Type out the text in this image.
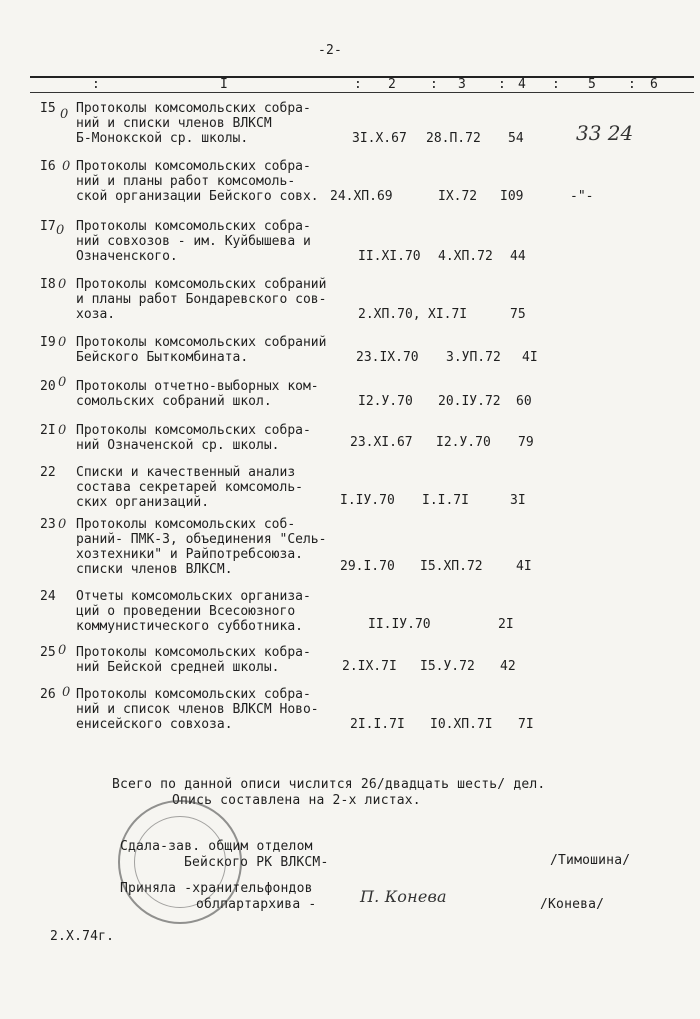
-2-
:	I	: 2	: 3 : 4 : 5 : 6
I5 0 Протоколы комсомольских собра-
ний и списки членов ВЛКСМ
Б-Монокской ср. школы.	3I.X.67 28.П.72 54	33 24
I6 0 Протоколы комсомольских собра-
ний и планы работ комсомоль-
ской организации Бейского совх. 24.ХП.69	IX.72 I09	-"-
I7 0 Протоколы комсомольских собра-
ний совхозов - им. Куйбышева и
Означенского.	II.XI.70 4.ХП.72 44
I8 0 Протоколы комсомольских собраний
и планы работ Бондаревского сов-
хоза.	2.ХП.70, XI.7I	75
I9 0 Протоколы комсомольских собраний
Бейского Быткомбината.	23.IX.70 3.УП.72 4I
20 0 Протоколы отчетно-выборных ком-
сомольских собраний школ.	I2.У.70 20.IУ.72 60
2I 0 Протоколы комсомольских собра-
ний Означенской ср. школы.	23.XI.67 I2.У.70 79
22 Списки и качественный анализ
состава секретарей комсомоль-
ских организаций.	I.IУ.70 I.I.7I	3I
23 0 Протоколы комсомольских соб-
раний- ПМК-3, объединения "Сель-
хозтехники" и Райпотребсоюза.
списки членов ВЛКСМ.	29.I.70 I5.ХП.72	4I
24 Отчеты комсомольских организа-
ций о проведении Всесоюзного
коммунистического субботника.	II.IУ.70	2I
25 0 Протоколы комсомольских кобра-
ний Бейской средней школы.	2.IX.7I I5.У.72 42
26 0 Протоколы комсомольских собра-
ний и список членов ВЛКСМ Ново-
енисейского совхоза.	2I.I.7I I0.ХП.7I 7I
Всего по данной описи числится 26/двадцать шесть/ дел.
Опись составлена на 2-х листах.
Сдала-зав. общим отделом
Бейского РК ВЛКСМ-	/Тимошина/
Приняла -хранительфондов
облпартархива -	П. Конева	/Конева/
2.X.74г.
